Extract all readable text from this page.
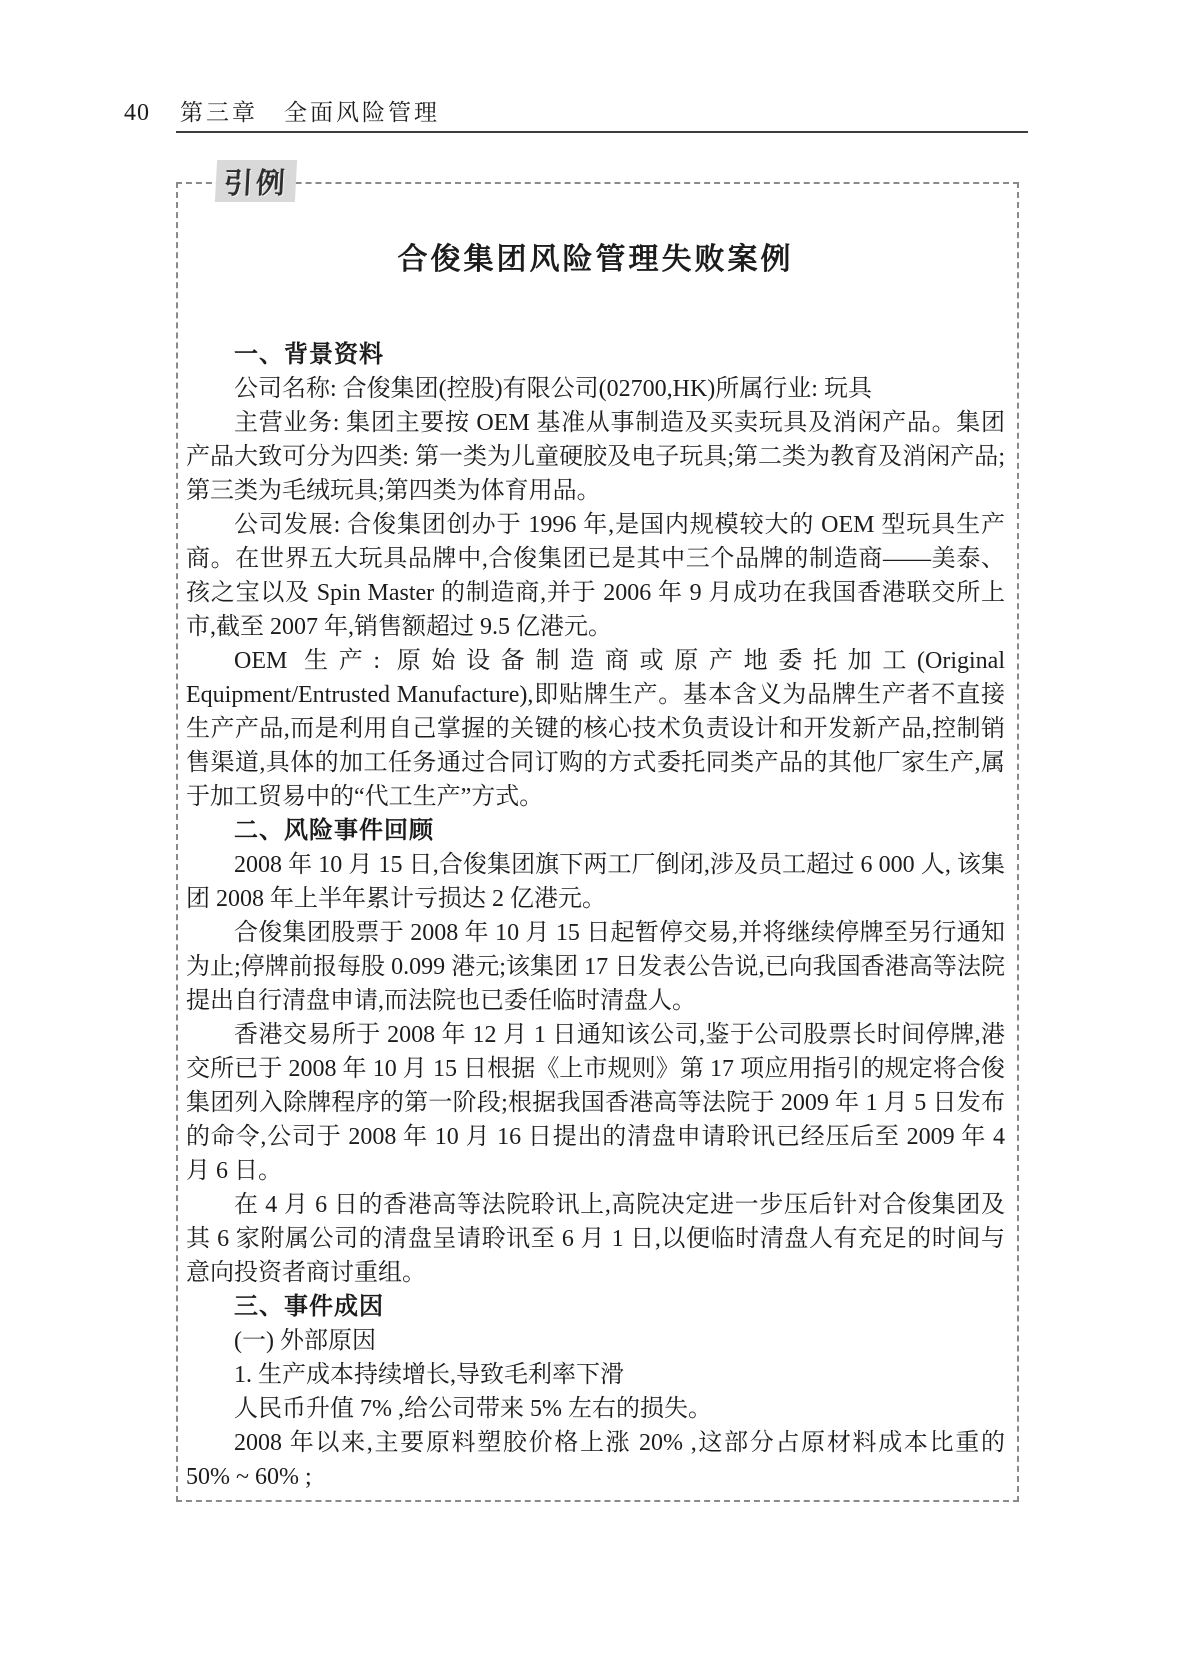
40 第三章　全面风险管理
引例
合俊集团风险管理失败案例
一、背景资料
公司名称: 合俊集团(控股)有限公司(02700,HK)所属行业: 玩具
主营业务: 集团主要按 OEM 基准从事制造及买卖玩具及消闲产品。集团产品大致可分为四类: 第一类为儿童硬胶及电子玩具;第二类为教育及消闲产品;第三类为毛绒玩具;第四类为体育用品。
公司发展: 合俊集团创办于 1996 年,是国内规模较大的 OEM 型玩具生产商。在世界五大玩具品牌中,合俊集团已是其中三个品牌的制造商——美泰、孩之宝以及 Spin Master 的制造商,并于 2006 年 9 月成功在我国香港联交所上市,截至 2007 年,销售额超过 9.5 亿港元。
OEM 生产: 原始设备制造商或原产地委托加工(Original Equipment/Entrusted Manufacture),即贴牌生产。基本含义为品牌生产者不直接生产产品,而是利用自己掌握的关键的核心技术负责设计和开发新产品,控制销售渠道,具体的加工任务通过合同订购的方式委托同类产品的其他厂家生产,属于加工贸易中的“代工生产”方式。
二、风险事件回顾
2008 年 10 月 15 日,合俊集团旗下两工厂倒闭,涉及员工超过 6 000 人, 该集团 2008 年上半年累计亏损达 2 亿港元。
合俊集团股票于 2008 年 10 月 15 日起暂停交易,并将继续停牌至另行通知为止;停牌前报每股 0.099 港元;该集团 17 日发表公告说,已向我国香港高等法院提出自行清盘申请,而法院也已委任临时清盘人。
香港交易所于 2008 年 12 月 1 日通知该公司,鉴于公司股票长时间停牌,港交所已于 2008 年 10 月 15 日根据《上市规则》第 17 项应用指引的规定将合俊集团列入除牌程序的第一阶段;根据我国香港高等法院于 2009 年 1 月 5 日发布的命令,公司于 2008 年 10 月 16 日提出的清盘申请聆讯已经压后至 2009 年 4 月 6 日。
在 4 月 6 日的香港高等法院聆讯上,高院决定进一步压后针对合俊集团及其 6 家附属公司的清盘呈请聆讯至 6 月 1 日,以便临时清盘人有充足的时间与意向投资者商讨重组。
三、事件成因
(一) 外部原因
1. 生产成本持续增长,导致毛利率下滑
人民币升值 7% ,给公司带来 5% 左右的损失。
2008 年以来,主要原料塑胶价格上涨 20% ,这部分占原材料成本比重的 50% ~ 60% ;
